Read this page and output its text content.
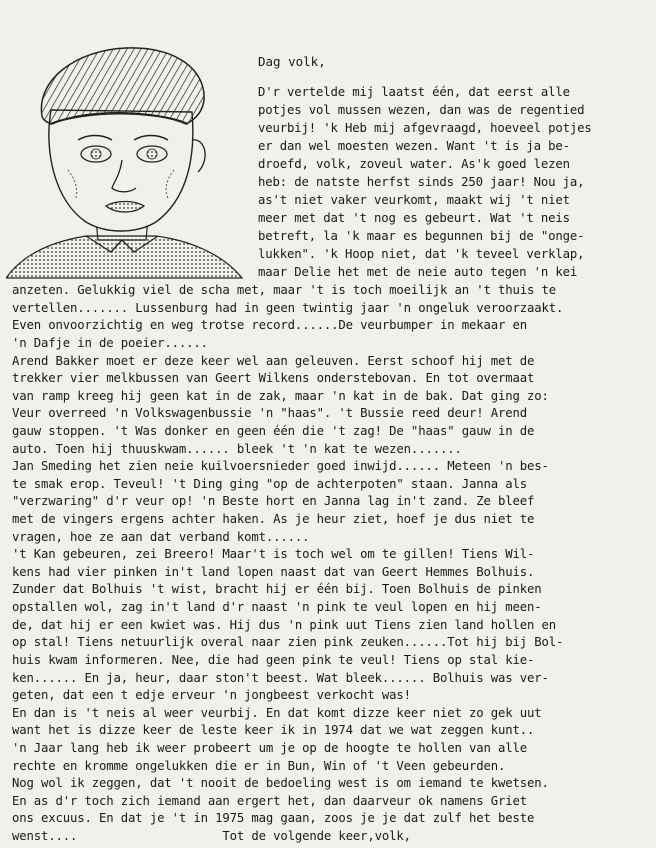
Dag volk,
D'r vertelde mij laatst één, dat eerst alle
potjes vol mussen wezen, dan was de regentied
veurbij! 'k Heb mij afgevraagd, hoeveel potjes
er dan wel moesten wezen. Want 't is ja be-
droefd, volk, zoveul water. As'k goed lezen
heb: de natste herfst sinds 250 jaar! Nou ja,
as't niet vaker veurkomt, maakt wij 't niet
meer met dat 't nog es gebeurt. Wat 't neis
betreft, la 'k maar es begunnen bij de "onge-
lukken". 'k Hoop niet, dat 'k teveel verklap,
maar Delie het met de neie auto tegen 'n kei
anzeten. Gelukkig viel de scha met, maar 't is toch moeilijk an 't thuis te
vertellen....... Lussenburg had in geen twintig jaar 'n ongeluk veroorzaakt.
Even onvoorzichtig en weg trotse record......De veurbumper in mekaar en
'n Dafje in de poeier......
Arend Bakker moet er deze keer wel aan geleuven. Eerst schoof hij met de
trekker vier melkbussen van Geert Wilkens onderstebovan. En tot overmaat
van ramp kreeg hij geen kat in de zak, maar 'n kat in de bak. Dat ging zo:
Veur overreed 'n Volkswagenbussie 'n "haas". 't Bussie reed deur! Arend
gauw stoppen. 't Was donker en geen één die 't zag! De "haas" gauw in de
auto. Toen hij thuuskwam...... bleek 't 'n kat te wezen.......
Jan Smeding het zien neie kuilvoersnieder goed inwijd...... Meteen 'n bes-
te smak erop. Teveul! 't Ding ging "op de achterpoten" staan. Janna als
"verzwaring" d'r veur op! 'n Beste hort en Janna lag in't zand. Ze bleef
met de vingers ergens achter haken. As je heur ziet, hoef je dus niet te
vragen, hoe ze aan dat verband komt......
't Kan gebeuren, zei Breero! Maar't is toch wel om te gillen! Tiens Wil-
kens had vier pinken in't land lopen naast dat van Geert Hemmes Bolhuis.
Zunder dat Bolhuis 't wist, bracht hij er één bij. Toen Bolhuis de pinken
opstallen wol, zag in't land d'r naast 'n pink te veul lopen en hij meen-
de, dat hij er een kwiet was. Hij dus 'n pink uut Tiens zien land hollen en
op stal! Tiens netuurlijk overal naar zien pink zeuken......Tot hij bij Bol-
huis kwam informeren. Nee, die had geen pink te veul! Tiens op stal kie-
ken...... En ja, heur, daar ston't beest. Wat bleek...... Bolhuis was ver-
geten, dat een t edje erveur 'n jongbeest verkocht was!
En dan is 't neis al weer veurbij. En dat komt dizze keer niet zo gek uut
want het is dizze keer de leste keer ik in 1974 dat we wat zeggen kunt..
'n Jaar lang heb ik weer probeert um je op de hoogte te hollen van alle
rechte en kromme ongelukken die er in Bun, Win of 't Veen gebeurden.
Nog wol ik zeggen, dat 't nooit de bedoeling west is om iemand te kwetsen.
En as d'r toch zich iemand aan ergert het, dan daarveur ok namens Griet
ons excuus. En dat je 't in 1975 mag gaan, zoos je je dat zulf het beste
wenst....                    Tot de volgende keer,volk,
